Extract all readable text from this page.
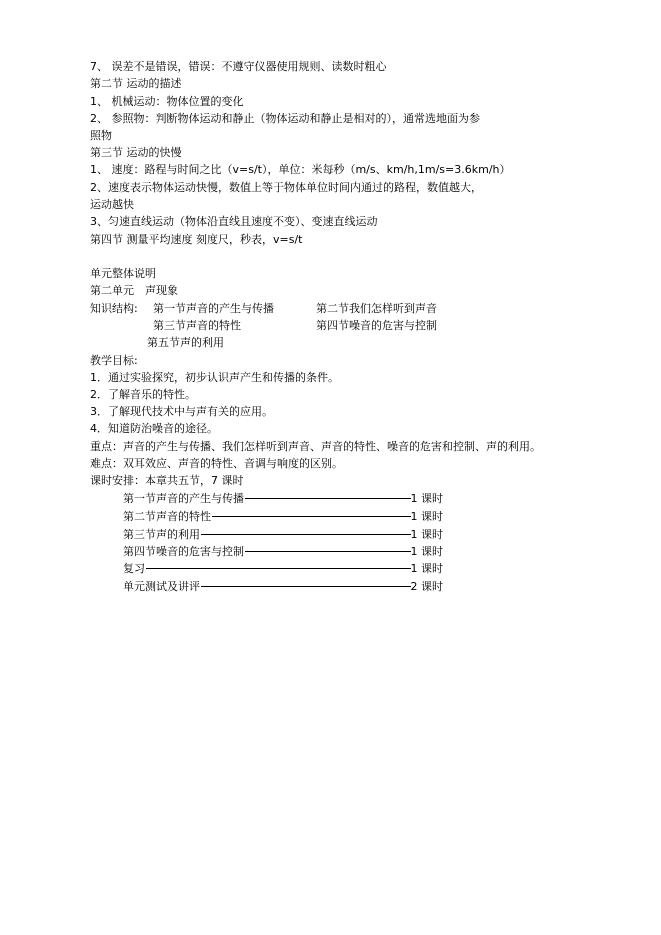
7、 误差不是错误，错误：不遵守仪器使用规则、读数时粗心
第二节 运动的描述
1、 机械运动：物体位置的变化
2、 参照物：判断物体运动和静止（物体运动和静止是相对的），通常选地面为参
照物
第三节 运动的快慢
1、 速度：路程与时间之比（v=s/t），单位：米每秒（m/s、km/h,1m/s=3.6km/h）
2、速度表示物体运动快慢，数值上等于物体单位时间内通过的路程，数值越大，
运动越快
3、匀速直线运动（物体沿直线且速度不变）、变速直线运动
第四节 测量平均速度 刻度尺，秒表，v=s/t
单元整体说明
第二单元　声现象
知识结构: 第一节声音的产生与传播	第二节我们怎样听到声音
第三节声音的特性	第四节噪音的危害与控制
第五节声的利用
教学目标:
1．通过实验探究，初步认识声产生和传播的条件。
2．了解音乐的特性。
3．了解现代技术中与声有关的应用。
4．知道防治噪音的途径。
重点：声音的产生与传播、我们怎样听到声音、声音的特性、噪音的危害和控制、声的利用。
难点：双耳效应、声音的特性、音调与响度的区别。
课时安排：本章共五节，7 课时
第一节声音的产生与传播	1 课时
第二节声音的特性	1 课时
第三节声的利用	1 课时
第四节噪音的危害与控制	1 课时
复习	1 课时
单元测试及讲评	2 课时
